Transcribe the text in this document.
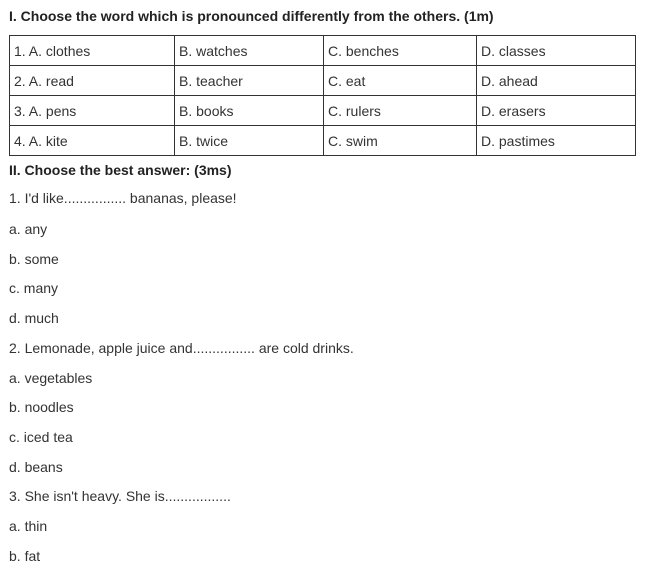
I. Choose the word which is pronounced differently from the others. (1m)
1. A. clothes	B. watches	C. benches	D. classes
2. A. read	B. teacher	C. eat	D. ahead
3. A. pens	B. books	C. rulers	D. erasers
4. A. kite	B. twice	C. swim	D. pastimes
II. Choose the best answer: (3ms)
1. I'd like................ bananas, please!
a. any
b. some
c. many
d. much
2. Lemonade, apple juice and................ are cold drinks.
a. vegetables
b. noodles
c. iced tea
d. beans
3. She isn't heavy. She is.................
a. thin
b. fat
